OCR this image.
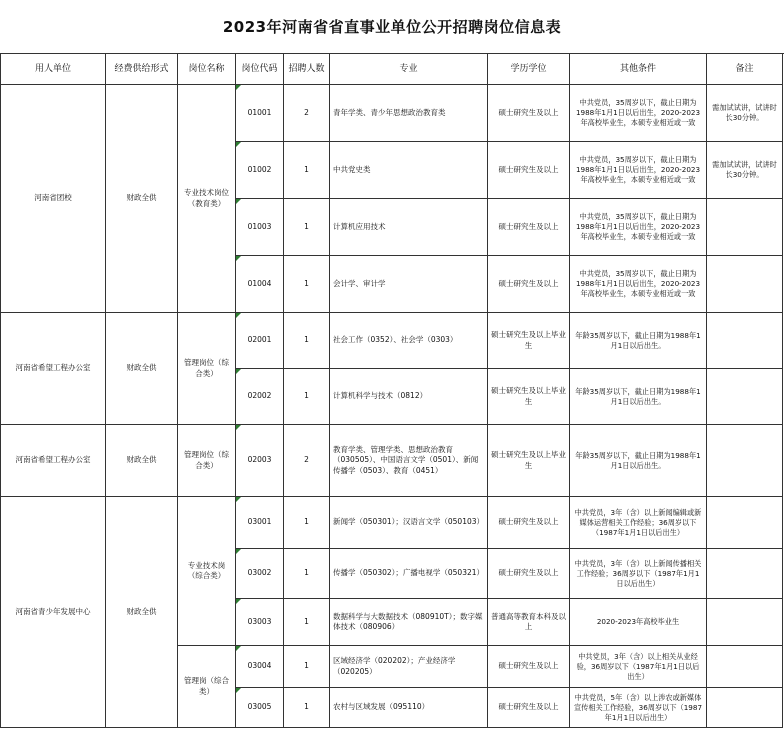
2023年河南省省直事业单位公开招聘岗位信息表
用人单位	经费供给形式	岗位名称	岗位代码	招聘人数	专业	学历学位	其他条件	备注
河南省团校	财政全供	专业技术岗位（教育类）	01001	2	青年学类、青少年思想政治教育类	硕士研究生及以上	中共党员，35周岁以下，截止日期为1988年1月1日以后出生，2020-2023年高校毕业生，本硕专业相近或一致	需加试试讲，试讲时长30分钟。
			01002	1	中共党史类	硕士研究生及以上	中共党员，35周岁以下，截止日期为1988年1月1日以后出生，2020-2023年高校毕业生，本硕专业相近或一致	需加试试讲，试讲时长30分钟。
			01003	1	计算机应用技术	硕士研究生及以上	中共党员，35周岁以下，截止日期为1988年1月1日以后出生，2020-2023年高校毕业生，本硕专业相近或一致	
			01004	1	会计学、审计学	硕士研究生及以上	中共党员，35周岁以下，截止日期为1988年1月1日以后出生，2020-2023年高校毕业生，本硕专业相近或一致	
河南省希望工程办公室	财政全供	管理岗位（综合类）	02001	1	社会工作（0352）、社会学（0303）	硕士研究生及以上毕业生	年龄35周岁以下，截止日期为1988年1月1日以后出生。	
			02002	1	计算机科学与技术（0812）	硕士研究生及以上毕业生	年龄35周岁以下，截止日期为1988年1月1日以后出生。	
河南省希望工程办公室	财政全供	管理岗位（综合类）	02003	2	教育学类、管理学类、思想政治教育（030505）、中国语言文学（0501）、新闻传播学（0503）、教育（0451）	硕士研究生及以上毕业生	年龄35周岁以下，截止日期为1988年1月1日以后出生。	
河南省青少年发展中心	财政全供	专业技术岗（综合类）	03001	1	新闻学（050301）；汉语言文学（050103）	硕士研究生及以上	中共党员，3年（含）以上新闻编辑或新媒体运营相关工作经验；36周岁以下（1987年1月1日以后出生）	
			03002	1	传播学（050302）；广播电视学（050321）	硕士研究生及以上	中共党员，3年（含）以上新闻传播相关工作经验；36周岁以下（1987年1月1日以后出生）	
			03003	1	数据科学与大数据技术（080910T）；数字媒体技术（080906）	普通高等教育本科及以上	2020-2023年高校毕业生	
		管理岗（综合类）	03004	1	区域经济学（020202）；产业经济学（020205）	硕士研究生及以上	中共党员，3年（含）以上相关从业经验，36周岁以下（1987年1月1日以后出生）	
			03005	1	农村与区域发展（095110）	硕士研究生及以上	中共党员，5年（含）以上涉农或新媒体宣传相关工作经验，36周岁以下（1987年1月1日以后出生）	
